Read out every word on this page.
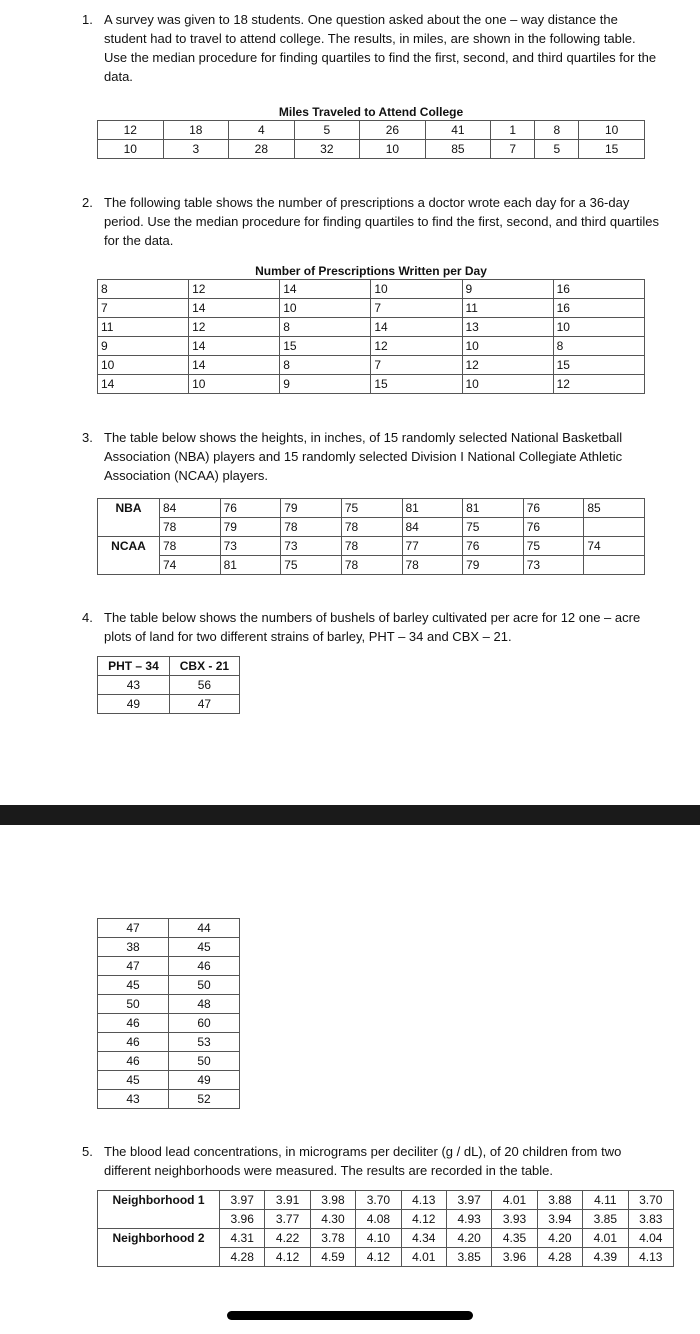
1. A survey was given to 18 students. One question asked about the one – way distance the student had to travel to attend college. The results, in miles, are shown in the following table. Use the median procedure for finding quartiles to find the first, second, and third quartiles for the data.
Miles Traveled to Attend College								
12	18	4	5	26	41	1	8	10
10	3	28	32	10	85	7	5	15
2. The following table shows the number of prescriptions a doctor wrote each day for a 36-day period. Use the median procedure for finding quartiles to find the first, second, and third quartiles for the data.
Number of Prescriptions Written per Day					
8	12	14	10	9	16
7	14	10	7	11	16
11	12	8	14	13	10
9	14	15	12	10	8
10	14	8	7	12	15
14	10	9	15	10	12
3. The table below shows the heights, in inches, of 15 randomly selected National Basketball Association (NBA) players and 15 randomly selected Division I National Collegiate Athletic Association (NCAA) players.
NBA	84	76	79	75	81	81	76	85
	78	79	78	78	84	75	76	
NCAA	78	73	73	78	77	76	75	74
	74	81	75	78	78	79	73	
4. The table below shows the numbers of bushels of barley cultivated per acre for 12 one – acre plots of land for two different strains of barley, PHT – 34 and CBX – 21.
PHT – 34	CBX - 21
43	56
49	47
47	44
38	45
47	46
45	50
50	48
46	60
46	53
46	50
45	49
43	52
5. The blood lead concentrations, in micrograms per deciliter (g / dL), of 20 children from two different neighborhoods were measured. The results are recorded in the table.
Neighborhood 1	3.97	3.91	3.98	3.70	4.13	3.97	4.01	3.88	4.11	3.70
	3.96	3.77	4.30	4.08	4.12	4.93	3.93	3.94	3.85	3.83
Neighborhood 2	4.31	4.22	3.78	4.10	4.34	4.20	4.35	4.20	4.01	4.04
	4.28	4.12	4.59	4.12	4.01	3.85	3.96	4.28	4.39	4.13
